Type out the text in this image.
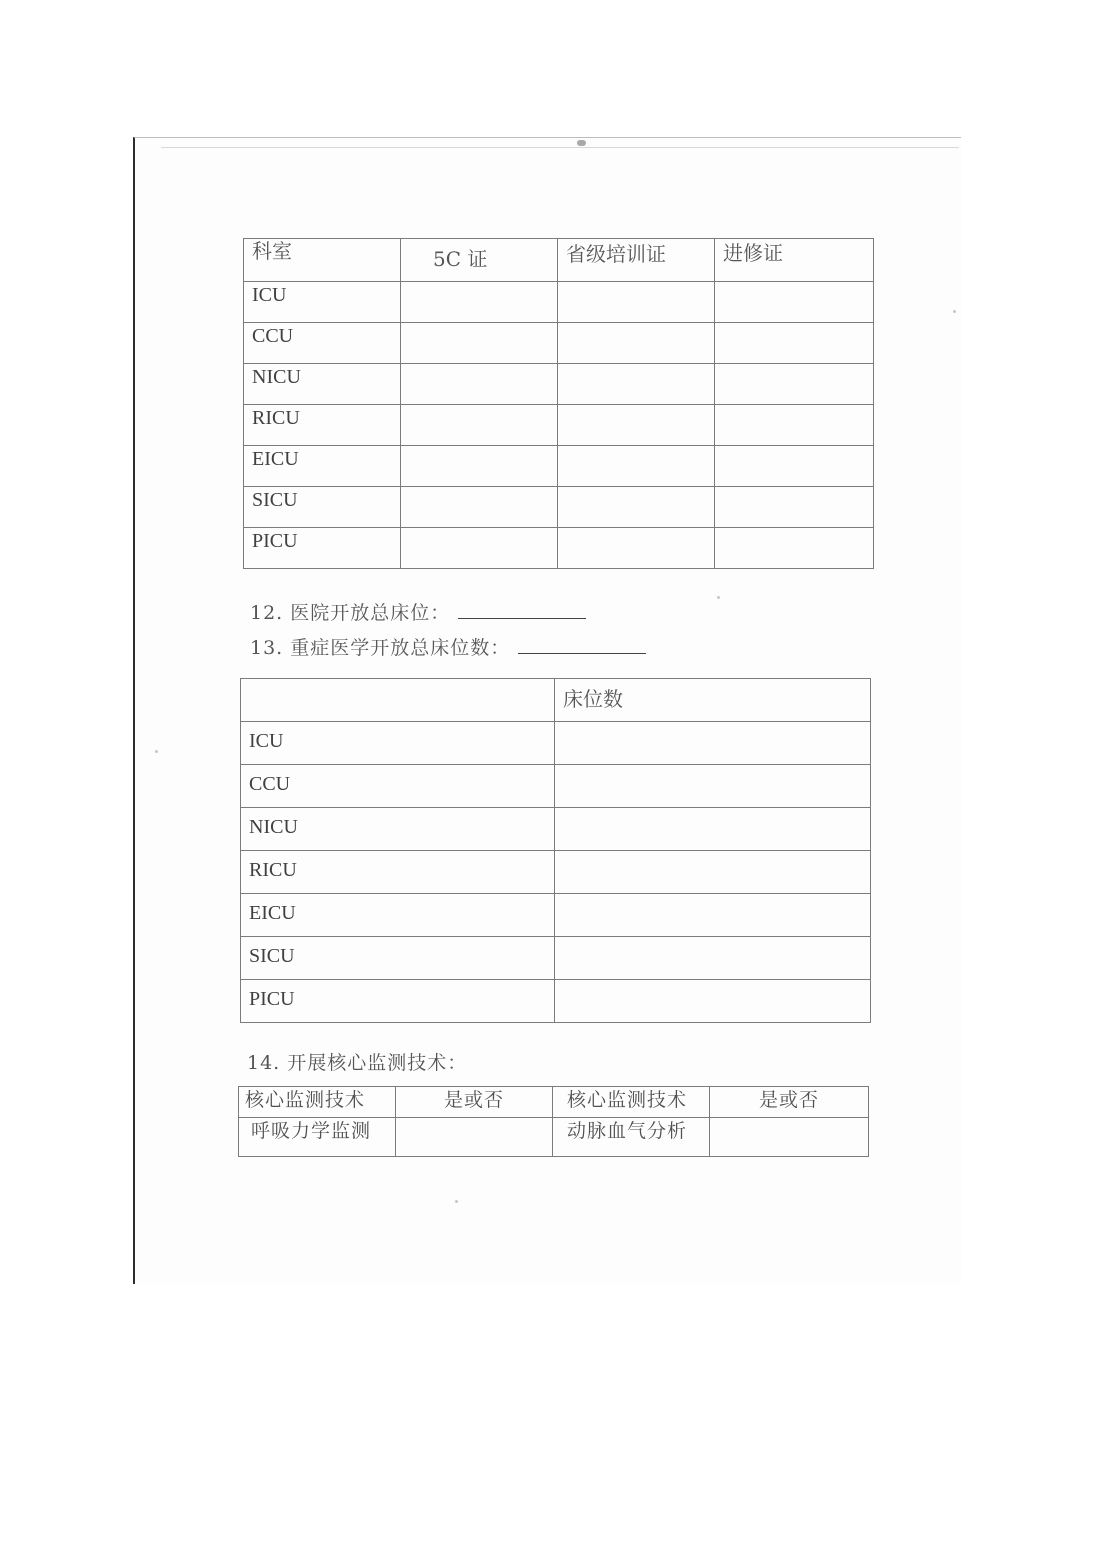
科室	5C 证	省级培训证	进修证
ICU			
CCU			
NICU			
RICU			
EICU			
SICU			
PICU			
12. 医院开放总床位：
13. 重症医学开放总床位数：
	床位数
ICU	
CCU	
NICU	
RICU	
EICU	
SICU	
PICU	
14. 开展核心监测技术：
核心监测技术	是或否	核心监测技术	是或否
呼吸力学监测		动脉血气分析	
